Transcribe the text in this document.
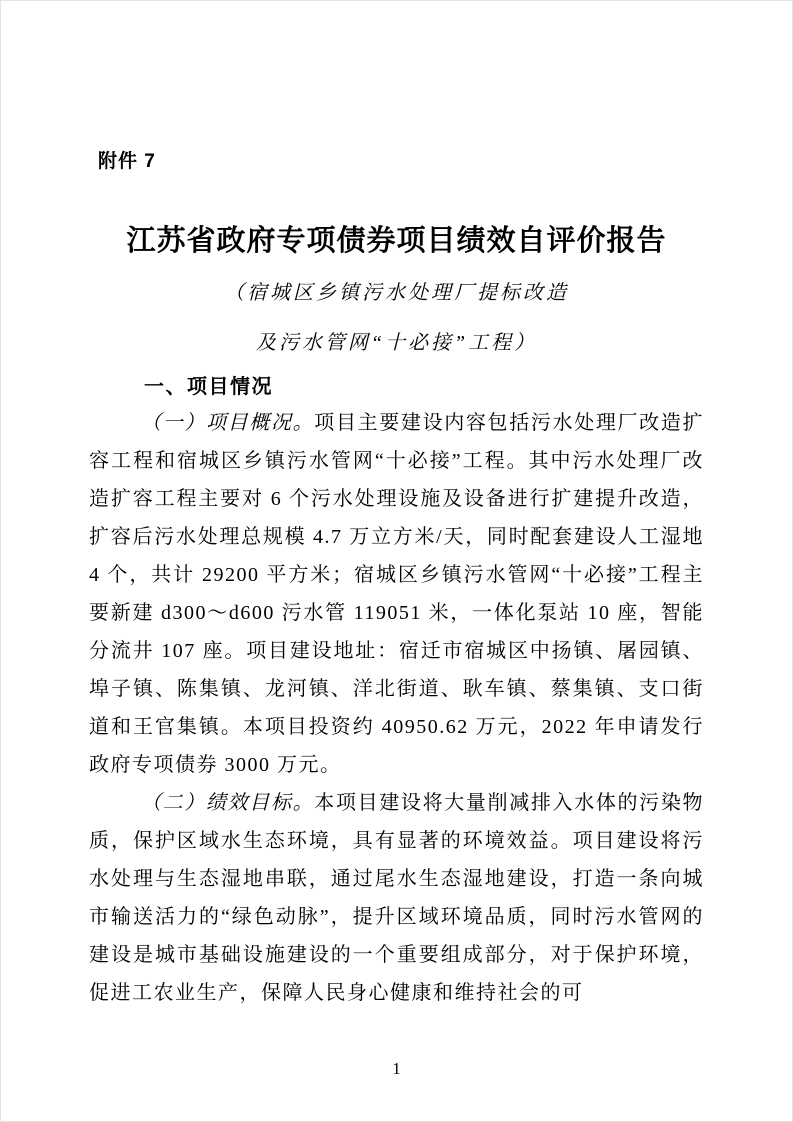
附件 7
江苏省政府专项债券项目绩效自评价报告
（宿城区乡镇污水处理厂提标改造
及污水管网“十必接”工程）
一、项目情况

（一）项目概况。项目主要建设内容包括污水处理厂改造扩容工程和宿城区乡镇污水管网“十必接”工程。其中污水处理厂改造扩容工程主要对 6 个污水处理设施及设备进行扩建提升改造，扩容后污水处理总规模 4.7 万立方米/天，同时配套建设人工湿地 4 个，共计 29200 平方米；宿城区乡镇污水管网“十必接”工程主要新建 d300～d600 污水管 119051 米，一体化泵站 10 座，智能分流井 107 座。项目建设地址：宿迁市宿城区中扬镇、屠园镇、埠子镇、陈集镇、龙河镇、洋北街道、耿车镇、蔡集镇、支口街道和王官集镇。本项目投资约 40950.62 万元，2022 年申请发行政府专项债券 3000 万元。

（二）绩效目标。本项目建设将大量削减排入水体的污染物质，保护区域水生态环境，具有显著的环境效益。项目建设将污水处理与生态湿地串联，通过尾水生态湿地建设，打造一条向城市输送活力的“绿色动脉”，提升区域环境品质，同时污水管网的建设是城市基础设施建设的一个重要组成部分，对于保护环境，促进工农业生产，保障人民身心健康和维持社会的可

1
